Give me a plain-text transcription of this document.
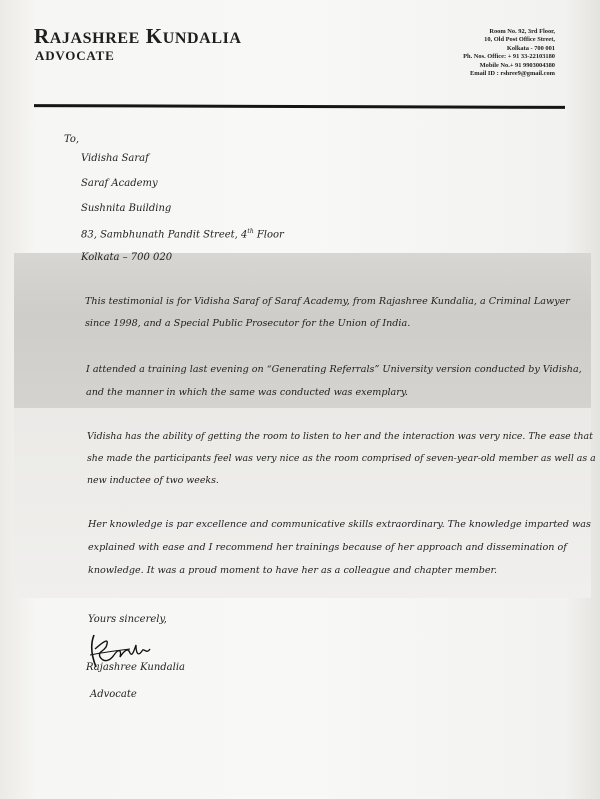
RAJASHREE KUNDALIA
ADVOCATE
Room No. 92, 3rd Floor,
10, Old Post Office Street,
Kolkata - 700 001
Ph. Nos. Office: + 91 33-22103180
Mobile No.+ 91 9903004380
Email ID : rshree9@gmail.com
To,
Vidisha Saraf
Saraf Academy
Sushnita Building
83, Sambhunath Pandit Street, 4th Floor
Kolkata – 700 020
This testimonial is for Vidisha Saraf of Saraf Academy, from Rajashree Kundalia, a Criminal Lawyer
since 1998, and a Special Public Prosecutor for the Union of India.
I attended a training last evening on “Generating Referrals” University version conducted by Vidisha,
and the manner in which the same was conducted was exemplary.
Vidisha has the ability of getting the room to listen to her and the interaction was very nice. The ease that
she made the participants feel was very nice as the room comprised of seven-year-old member as well as a
new inductee of two weeks.
Her knowledge is par excellence and communicative skills extraordinary. The knowledge imparted was
explained with ease and I recommend her trainings because of her approach and dissemination of
knowledge. It was a proud moment to have her as a colleague and chapter member.
Yours sincerely,
Rajashree Kundalia
Advocate
